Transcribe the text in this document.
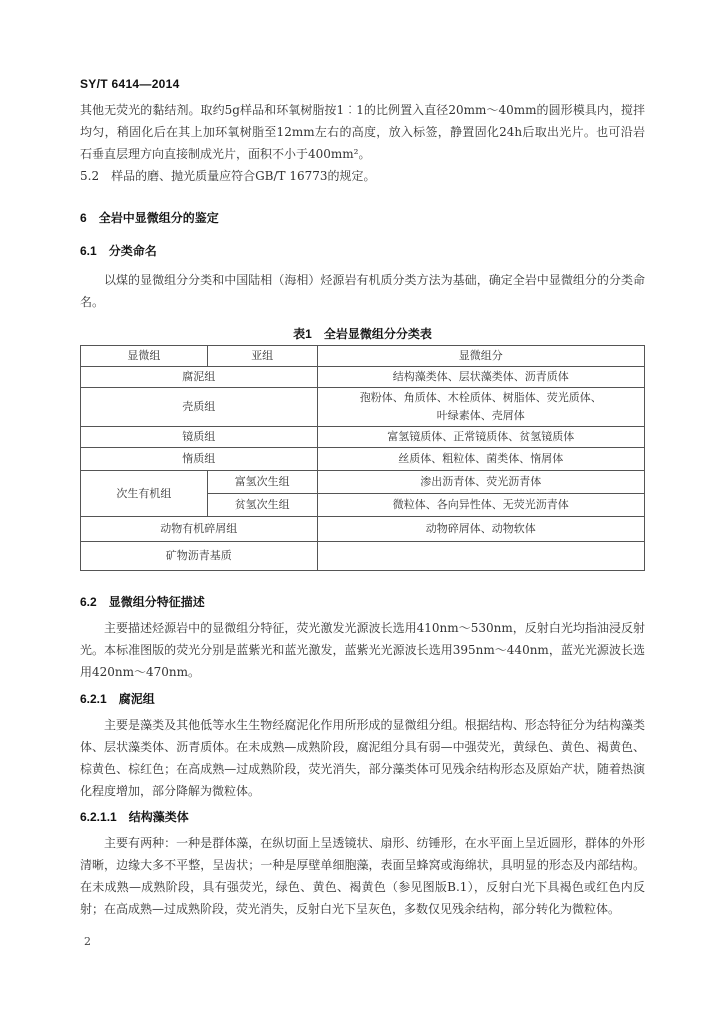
SY/T 6414—2014
其他无荧光的黏结剂。取约5g样品和环氧树脂按1︰1的比例置入直径20mm～40mm的圆形模具内，搅拌均匀，稍固化后在其上加环氧树脂至12mm左右的高度，放入标签，静置固化24h后取出光片。也可沿岩石垂直层理方向直接制成光片，面积不小于400mm²。
5.2　样品的磨、抛光质量应符合GB/T 16773的规定。
6 全岩中显微组分的鉴定
6.1 分类命名
以煤的显微组分分类和中国陆相（海相）烃源岩有机质分类方法为基础，确定全岩中显微组分的分类命名。
表1 全岩显微组分分类表
显微组	亚组	显微组分
腐泥组		结构藻类体、层状藻类体、沥青质体
壳质组		孢粉体、角质体、木栓质体、树脂体、荧光质体、
叶绿素体、壳屑体

镜质组		富氢镜质体、正常镜质体、贫氢镜质体
惰质组		丝质体、粗粒体、菌类体、惰屑体
次生有机组	富氢次生组	渗出沥青体、荧光沥青体
	贫氢次生组	微粒体、各向异性体、无荧光沥青体
动物有机碎屑组		动物碎屑体、动物软体
矿物沥青基质		
6.2 显微组分特征描述
主要描述烃源岩中的显微组分特征，荧光激发光源波长选用410nm～530nm，反射白光均指油浸反射光。本标准图版的荧光分别是蓝紫光和蓝光激发，蓝紫光光源波长选用395nm～440nm，蓝光光源波长选用420nm～470nm。
6.2.1 腐泥组
主要是藻类及其他低等水生生物经腐泥化作用所形成的显微组分组。根据结构、形态特征分为结构藻类体、层状藻类体、沥青质体。在未成熟—成熟阶段，腐泥组分具有弱—中强荧光，黄绿色、黄色、褐黄色、棕黄色、棕红色；在高成熟—过成熟阶段，荧光消失，部分藻类体可见残余结构形态及原始产状，随着热演化程度增加，部分降解为微粒体。
6.2.1.1 结构藻类体
主要有两种：一种是群体藻，在纵切面上呈透镜状、扇形、纺锤形，在水平面上呈近圆形，群体的外形清晰，边缘大多不平整，呈齿状；一种是厚壁单细胞藻，表面呈蜂窝或海绵状，具明显的形态及内部结构。在未成熟—成熟阶段，具有强荧光，绿色、黄色、褐黄色（参见图版B.1），反射白光下具褐色或红色内反射；在高成熟—过成熟阶段，荧光消失，反射白光下呈灰色，多数仅见残余结构，部分转化为微粒体。
2
